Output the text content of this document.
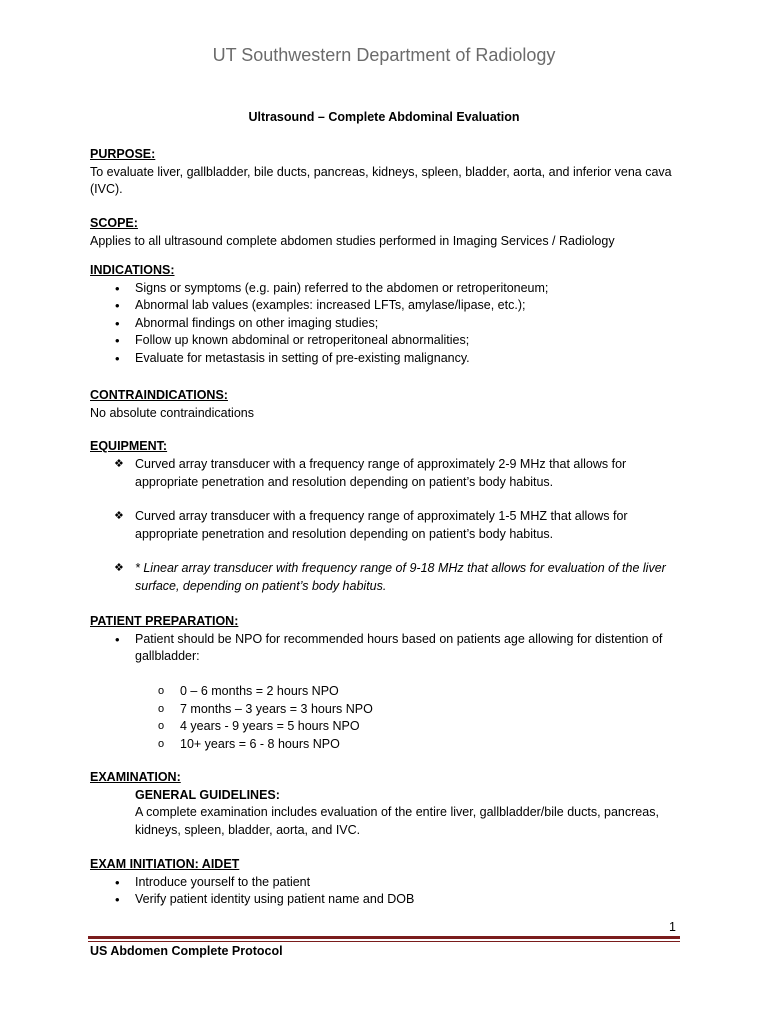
UT Southwestern Department of Radiology
Ultrasound – Complete Abdominal Evaluation
PURPOSE:
To evaluate liver, gallbladder, bile ducts, pancreas, kidneys, spleen, bladder, aorta, and inferior vena cava (IVC).
SCOPE:
Applies to all ultrasound complete abdomen studies performed in Imaging Services / Radiology
INDICATIONS:
• Signs or symptoms (e.g. pain) referred to the abdomen or retroperitoneum;
• Abnormal lab values (examples: increased LFTs, amylase/lipase, etc.);
• Abnormal findings on other imaging studies;
• Follow up known abdominal or retroperitoneal abnormalities;
• Evaluate for metastasis in setting of pre-existing malignancy.
CONTRAINDICATIONS:
No absolute contraindications
EQUIPMENT:
❖ Curved array transducer with a frequency range of approximately 2-9 MHz that allows for appropriate penetration and resolution depending on patient’s body habitus.
❖ Curved array transducer with a frequency range of approximately 1-5 MHZ that allows for appropriate penetration and resolution depending on patient’s body habitus.
❖ * Linear array transducer with frequency range of 9-18 MHz that allows for evaluation of the liver surface, depending on patient’s body habitus.
PATIENT PREPARATION:
• Patient should be NPO for recommended hours based on patients age allowing for distention of gallbladder:
o 0 – 6 months = 2 hours NPO
o 7 months – 3 years = 3 hours NPO
o 4 years - 9 years = 5 hours NPO
o 10+ years = 6 - 8 hours NPO
EXAMINATION:
GENERAL GUIDELINES:
A complete examination includes evaluation of the entire liver, gallbladder/bile ducts, pancreas, kidneys, spleen, bladder, aorta, and IVC.
EXAM INITIATION: AIDET
• Introduce yourself to the patient
• Verify patient identity using patient name and DOB
1
US Abdomen Complete Protocol
